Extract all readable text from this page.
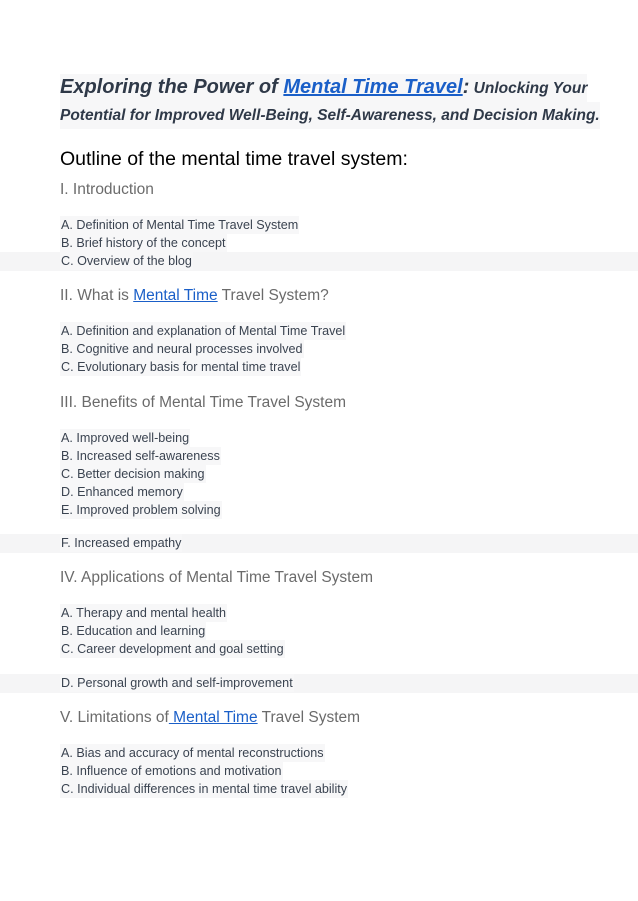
Exploring the Power of Mental Time Travel: Unlocking Your
Potential for Improved Well-Being, Self-Awareness, and Decision Making.
Outline of the mental time travel system:
I. Introduction
A. Definition of Mental Time Travel System
B. Brief history of the concept
C. Overview of the blog
II. What is Mental Time Travel System?
A. Definition and explanation of Mental Time Travel
B. Cognitive and neural processes involved
C. Evolutionary basis for mental time travel
III. Benefits of Mental Time Travel System
A. Improved well-being
B. Increased self-awareness
C. Better decision making
D. Enhanced memory
E. Improved problem solving
F. Increased empathy
IV. Applications of Mental Time Travel System
A. Therapy and mental health
B. Education and learning
C. Career development and goal setting
D. Personal growth and self-improvement
V. Limitations of Mental Time Travel System
A. Bias and accuracy of mental reconstructions
B. Influence of emotions and motivation
C. Individual differences in mental time travel ability
